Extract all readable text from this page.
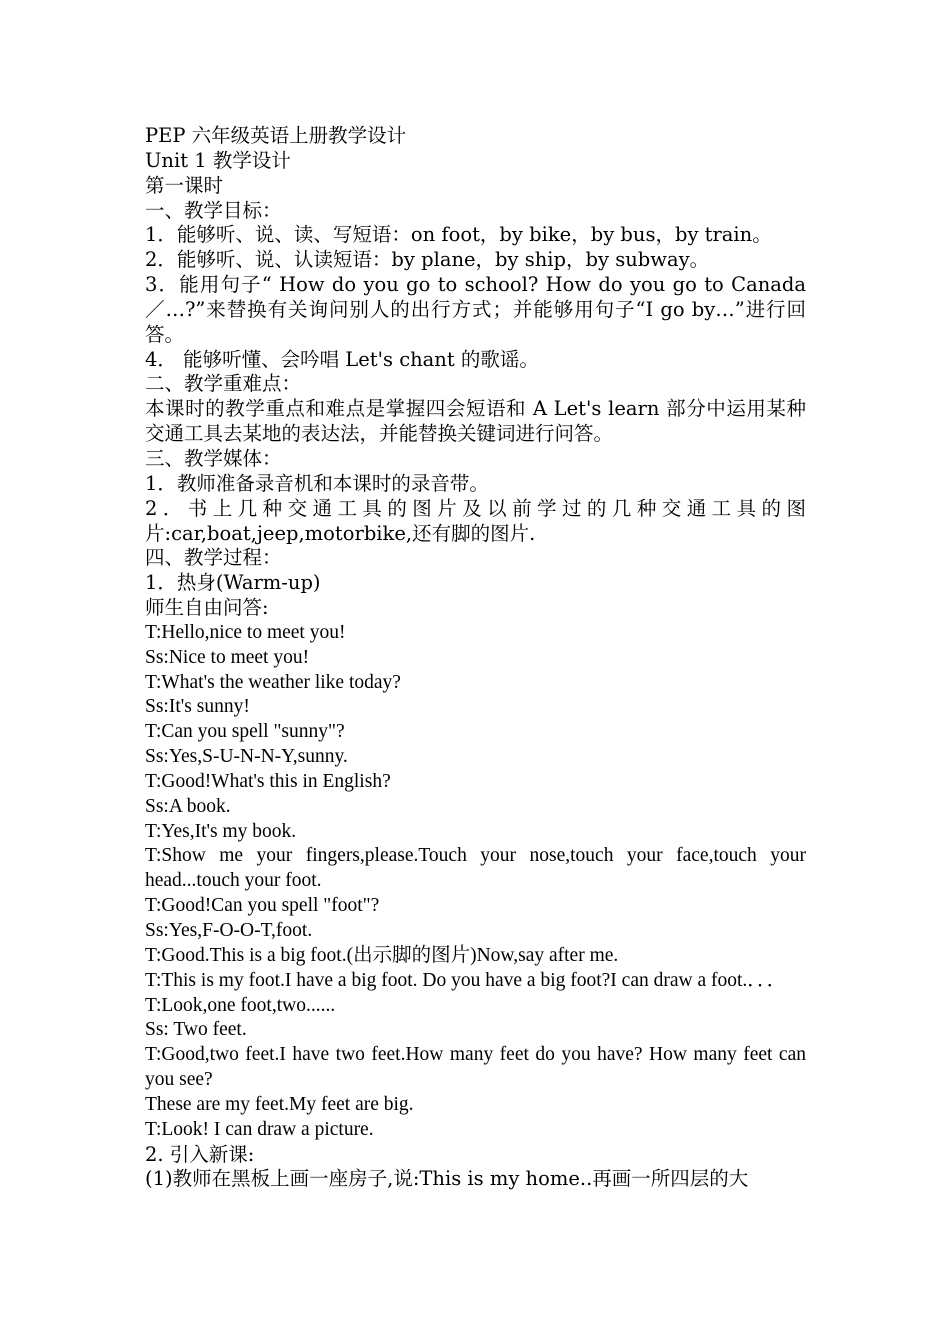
PEP 六年级英语上册教学设计
Unit 1 教学设计
第一课时
一、教学目标：
1．能够听、说、读、写短语：on foot，by bike，by bus，by train。
2．能够听、说、认读短语：by plane，by ship，by subway。
3．能用句子“ How do you go to school? How do you go to Canada／…?”来替换有关询问别人的出行方式；并能够用句子“I go by…”进行回答。
4． 能够听懂、会吟唱 Let's chant 的歌谣。
二、教学重难点：
本课时的教学重点和难点是掌握四会短语和 A Let's learn 部分中运用某种交通工具去某地的表达法，并能替换关键词进行问答。
三、教学媒体：
1．教师准备录音机和本课时的录音带。
2．书上几种交通工具的图片及以前学过的几种交通工具的图片:car,boat,jeep,motorbike,还有脚的图片.
四、教学过程：
1．热身(Warm-up)
师生自由问答:
T:Hello,nice to meet you!
Ss:Nice to meet you!
T:What's the weather like today?
Ss:It's sunny!
T:Can you spell "sunny"?
Ss:Yes,S-U-N-N-Y,sunny.
T:Good!What's this in English?
Ss:A book.
T:Yes,It's my book.
T:Show me your fingers,please.Touch your nose,touch your face,touch your head...touch your foot.
T:Good!Can you spell "foot"?
Ss:Yes,F-O-O-T,foot.
T:Good.This is a big foot.(出示脚的图片)Now,say after me.
T:This is my foot.I have a big foot. Do you have a big foot?I can draw a foot.．．．
T:Look,one foot,two......
Ss: Two feet.
T:Good,two feet.I have two feet.How many feet do you have? How many feet can you see?
These are my feet.My feet are big.
T:Look! I can draw a picture.
2. 引入新课:
(1)教师在黑板上画一座房子,说:This is my home..再画一所四层的大
